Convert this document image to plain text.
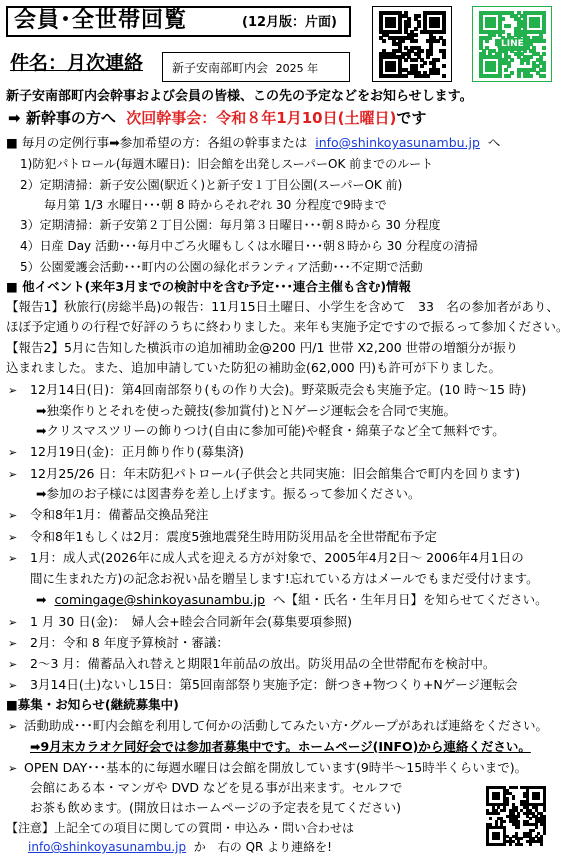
会員･全世帯回覧	(12月版：片面)
件名：月次連絡 新子安南部町内会 2025 年
LINE
新子安南部町内会幹事および会員の皆様、この先の予定などをお知らせします。
➡ 新幹事の方へ 次回幹事会：令和８年1月10日(土曜日)です
■ 毎月の定例行事➡参加希望の方：各組の幹事または info@shinkoyasunambu.jp へ
1)防犯パトロール(毎週木曜日)：旧会館を出発しスーパーOK 前までのルート
2）定期清掃：新子安公園(駅近く)と新子安１丁目公園(スーパーOK 前)
毎月第 1/3 水曜日･･･朝 8 時からそれぞれ 30 分程度で9時まで
3）定期清掃：新子安第２丁目公園：毎月第３日曜日･･･朝８時から 30 分程度
4）日産 Day 活動･･･毎月中ごろ火曜もしくは水曜日･･･朝８時から 30 分程度の清掃
5）公園愛護会活動･･･町内の公園の緑化ボランティア活動･･･不定期で活動
■ 他イベント(来年3月までの検討中を含む予定･･･連合主催も含む)情報
【報告1】秋旅行(房総半島)の報告：11月15日土曜日、小学生を含めて　33　名の参加者があり、
ほぼ予定通りの行程で好評のうちに終わりました。来年も実施予定ですので振るって参加ください。
【報告2】5月に告知した横浜市の追加補助金@200 円/1 世帯 X2,200 世帯の増額分が振り
込まれました。また、追加申請していた防犯の補助金(62,000 円)も許可が下りました。
➢ 12月14日(日)：第4回南部祭り(もの作り大会)。野菜販売会も実施予定。(10 時～15 時)
➡独楽作りとそれを使った競技(参加賞付)とＮゲージ運転会を合同で実施。
➡クリスマスツリーの飾りつけ(自由に参加可能)や軽食・綿菓子など全て無料です。
➢ 12月19日(金)：正月飾り作り(募集済)
➢ 12月25/26 日：年末防犯パトロール(子供会と共同実施：旧会館集合で町内を回ります)
➡参加のお子様には図書券を差し上げます。振るって参加ください。
➢ 令和8年1月：備蓄品交換品発注
➢ 令和8年1もしくは2月：震度5強地震発生時用防災用品を全世帯配布予定
➢ 1月：成人式(2026年に成人式を迎える方が対象で、2005年4月2日～ 2006年4月1日の
間に生まれた方)の記念お祝い品を贈呈します!忘れている方はメールでもまだ受付けます。
➡ comingage@shinkoyasunambu.jp へ【組・氏名・生年月日】を知らせてください。
➢ 1 月 30 日(金)：　婦人会+睦会合同新年会(募集要項参照)
➢ 2月：令和 8 年度予算検討・審議：
➢ 2～3 月：備蓄品入れ替えと期限1年前品の放出。防災用品の全世帯配布を検討中。
➢ 3月14日(土)ないし15日：第5回南部祭り実施予定：餅つき+物つくり+Nゲージ運転会
■募集・お知らせ(継続募集中)
➢ 活動助成･･･町内会館を利用して何かの活動してみたい方･グループがあれば連絡をください。
➡9月末カラオケ同好会では参加者募集中です。ホームページ(INFO)から連絡ください。
➢ OPEN DAY･･･基本的に毎週水曜日は会館を開放しています(9時半～15時半くらいまで)。
会館にある本・マンガや DVD などを見る事が出来ます。セルフで
お茶も飲めます。(開放日はホームページの予定表を見てください)
【注意】上記全ての項目に関しての質問・申込み・問い合わせは
info@shinkoyasunambu.jp か　右の QR より連絡を!
